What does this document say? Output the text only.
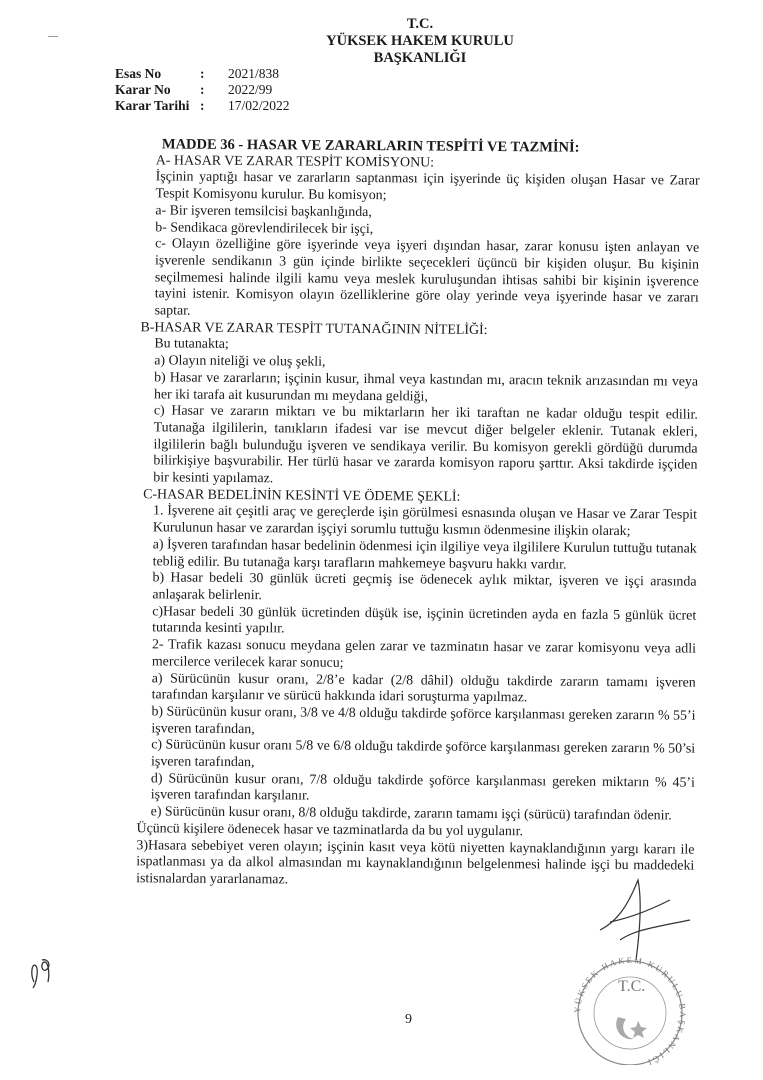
T.C.
YÜKSEK HAKEM KURULU
BAŞKANLIĞI
Esas No	:	2021/838
Karar No	:	2022/99
Karar Tarihi :	17/02/2022

MADDE 36 - HASAR VE ZARARLARIN TESPİTİ VE TAZMİNİ:

A- HASAR VE ZARAR TESPİT KOMİSYONU:

İşçinin yaptığı hasar ve zararların saptanması için işyerinde üç kişiden oluşan Hasar ve Zarar Tespit Komisyonu kurulur. Bu komisyon;

a- Bir işveren temsilcisi başkanlığında,

b- Sendikaca görevlendirilecek bir işçi,

c- Olayın özelliğine göre işyerinde veya işyeri dışından hasar, zarar konusu işten anlayan ve işverenle sendikanın 3 gün içinde birlikte seçecekleri üçüncü bir kişiden oluşur. Bu kişinin seçilmemesi halinde ilgili kamu veya meslek kuruluşundan ihtisas sahibi bir kişinin işverence tayini istenir. Komisyon olayın özelliklerine göre olay yerinde veya işyerinde hasar ve zararı saptar.

B-HASAR VE ZARAR TESPİT TUTANAĞININ NİTELİĞİ:

Bu tutanakta;

a) Olayın niteliği ve oluş şekli,

b) Hasar ve zararların; işçinin kusur, ihmal veya kastından mı, aracın teknik arızasından mı veya her iki tarafa ait kusurundan mı meydana geldiği,

c) Hasar ve zararın miktarı ve bu miktarların her iki taraftan ne kadar olduğu tespit edilir. Tutanağa ilgililerin, tanıkların ifadesi var ise mevcut diğer belgeler eklenir. Tutanak ekleri, ilgililerin bağlı bulunduğu işveren ve sendikaya verilir. Bu komisyon gerekli gördüğü durumda bilirkişiye başvurabilir. Her türlü hasar ve zararda komisyon raporu şarttır. Aksi takdirde işçiden bir kesinti yapılamaz.

C-HASAR BEDELİNİN KESİNTİ VE ÖDEME ŞEKLİ:

1. İşverene ait çeşitli araç ve gereçlerde işin görülmesi esnasında oluşan ve Hasar ve Zarar Tespit Kurulunun hasar ve zarardan işçiyi sorumlu tuttuğu kısmın ödenmesine ilişkin olarak;

a) İşveren tarafından hasar bedelinin ödenmesi için ilgiliye veya ilgililere Kurulun tuttuğu tutanak tebliğ edilir. Bu tutanağa karşı tarafların mahkemeye başvuru hakkı vardır.

b) Hasar bedeli 30 günlük ücreti geçmiş ise ödenecek aylık miktar, işveren ve işçi arasında anlaşarak belirlenir.

c)Hasar bedeli 30 günlük ücretinden düşük ise, işçinin ücretinden ayda en fazla 5 günlük ücret tutarında kesinti yapılır.

2- Trafik kazası sonucu meydana gelen zarar ve tazminatın hasar ve zarar komisyonu veya adli mercilerce verilecek karar sonucu;

a) Sürücünün kusur oranı, 2/8’e kadar (2/8 dâhil) olduğu takdirde zararın tamamı işveren tarafından karşılanır ve sürücü hakkında idari soruşturma yapılmaz.

b) Sürücünün kusur oranı, 3/8 ve 4/8 olduğu takdirde şoförce karşılanması gereken zararın % 55’i işveren tarafından,

c) Sürücünün kusur oranı 5/8 ve 6/8 olduğu takdirde şoförce karşılanması gereken zararın % 50’si işveren tarafından,

d) Sürücünün kusur oranı, 7/8 olduğu takdirde şoförce karşılanması gereken miktarın % 45’i işveren tarafından karşılanır.

e) Sürücünün kusur oranı, 8/8 olduğu takdirde, zararın tamamı işçi (sürücü) tarafından ödenir.

Üçüncü kişilere ödenecek hasar ve tazminatlarda da bu yol uygulanır.

3)Hasara sebebiyet veren olayın; işçinin kasıt veya kötü niyetten kaynaklandığının yargı kararı ile ispatlanması ya da alkol almasından mı kaynaklandığının belgelenmesi halinde işçi bu maddedeki istisnalardan yararlanamaz.

T.C.
YÜKSEK HAKEM KURULU BAŞKANLIĞI
9
